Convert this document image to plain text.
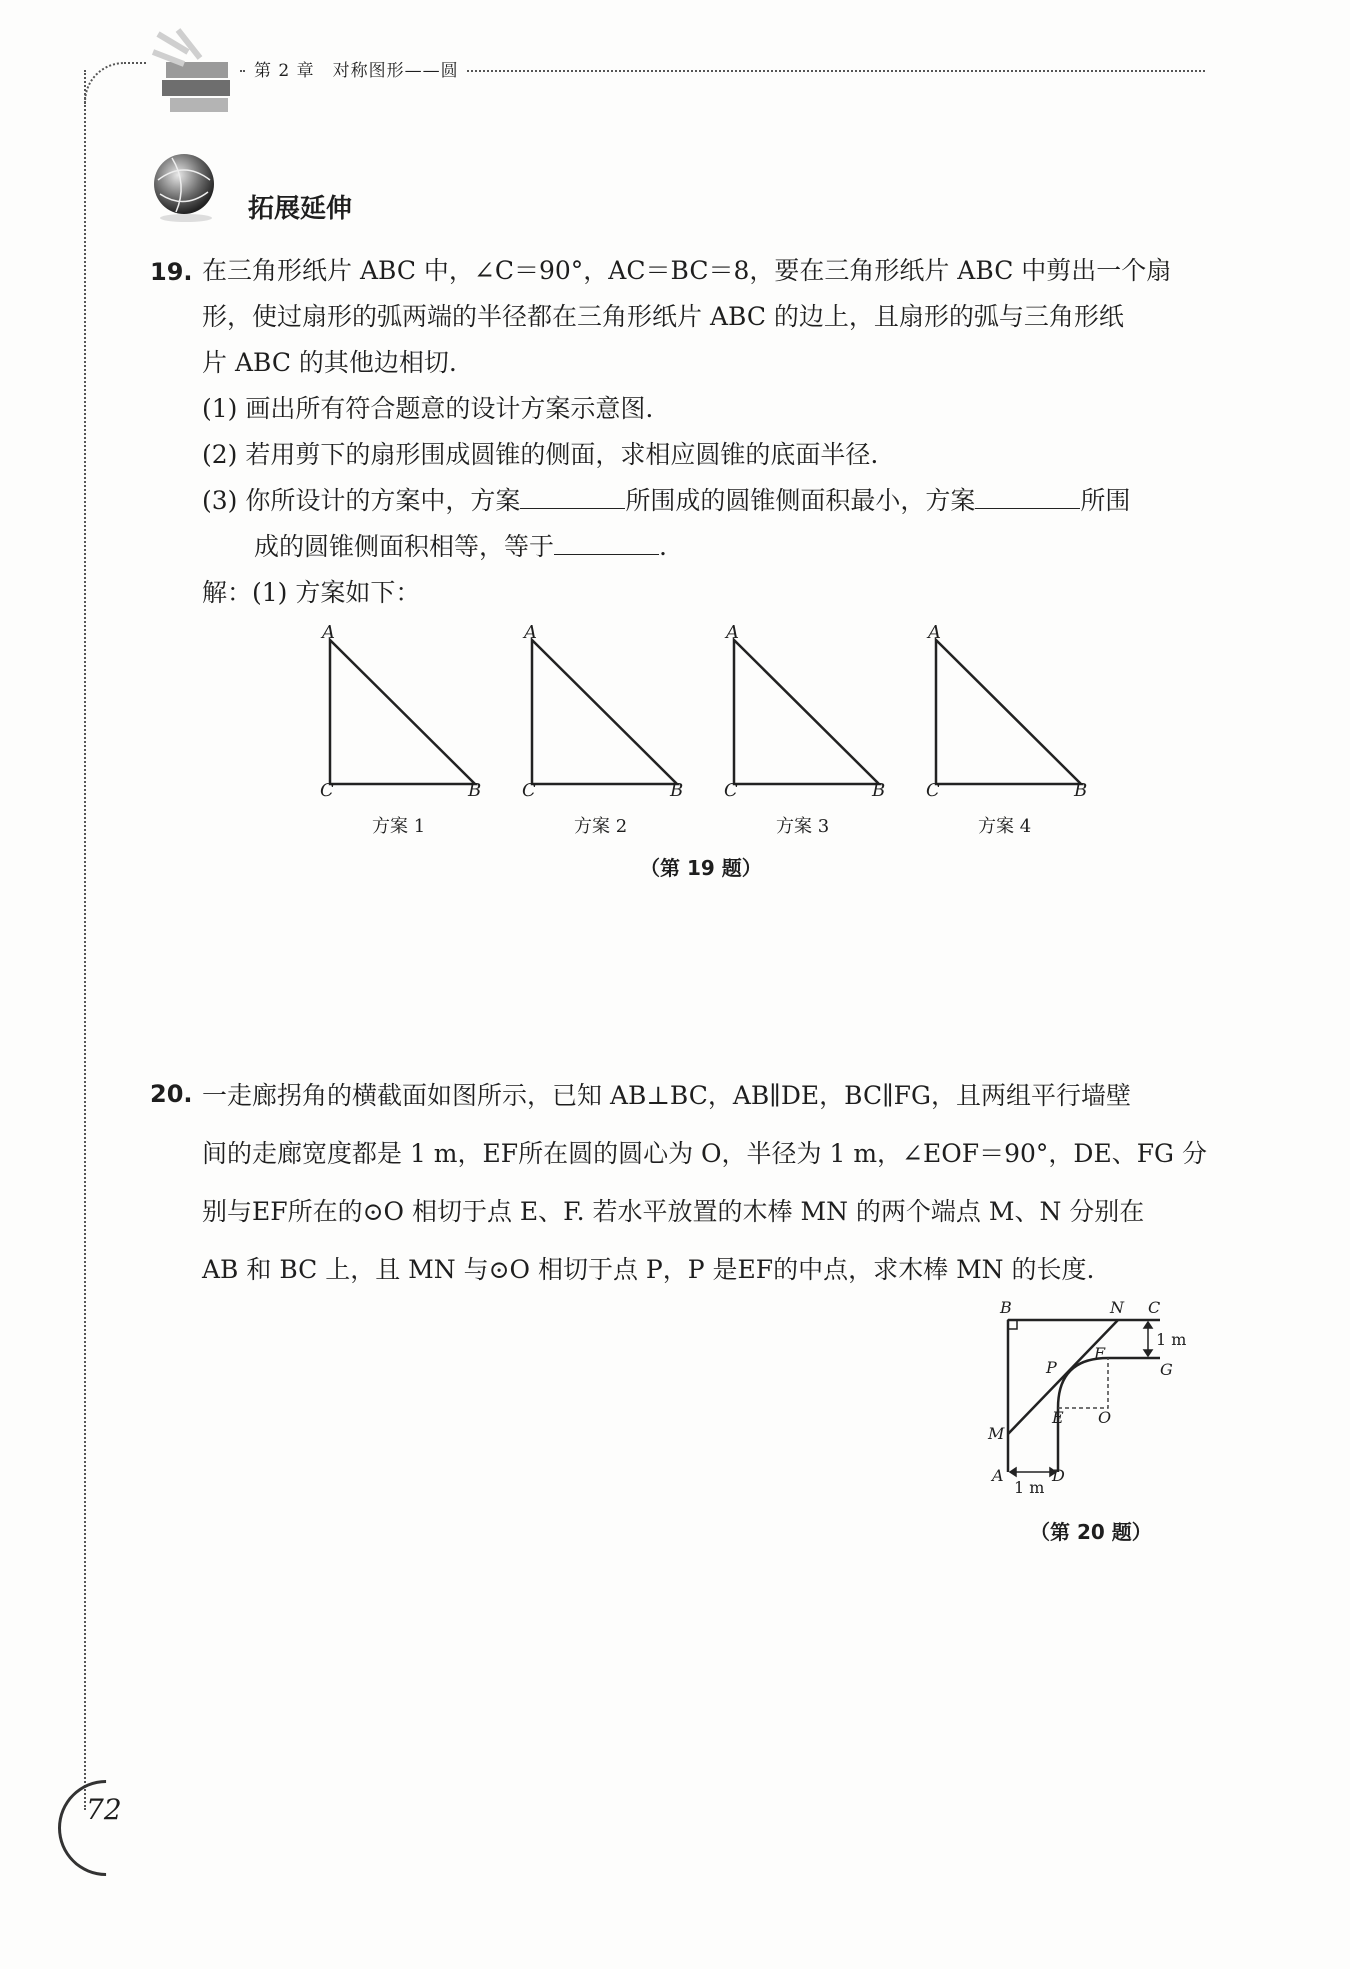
第 2 章　对称图形——圆
拓展延伸
19. 在三角形纸片 ABC 中，∠C＝90°，AC＝BC＝8，要在三角形纸片 ABC 中剪出一个扇
形，使过扇形的弧两端的半径都在三角形纸片 ABC 的边上，且扇形的弧与三角形纸
片 ABC 的其他边相切.
(1) 画出所有符合题意的设计方案示意图.
(2) 若用剪下的扇形围成圆锥的侧面，求相应圆锥的底面半径.
(3) 你所设计的方案中，方案	所围成的圆锥侧面积最小，方案	所围
成的圆锥侧面积相等，等于	.
解：(1) 方案如下：
A
C	B
A
C	B
A
C	B
A
C	B
方案 1	方案 2	方案 3	方案 4
（第 19 题）
20. 一走廊拐角的横截面如图所示，已知 AB⊥BC，AB∥DE，BC∥FG，且两组平行墙壁
间的走廊宽度都是 1 m，EF所在圆的圆心为 O，半径为 1 m，∠EOF＝90°，DE、FG 分
别与EF所在的⊙O 相切于点 E、F. 若水平放置的木棒 MN 的两个端点 M、N 分别在
AB 和 BC 上，且 MN 与⊙O 相切于点 P，P 是EF的中点，求木棒 MN 的长度.
B	N C
1 m
F
G
P
E O
M
A	D
1 m
（第 20 题）
72
